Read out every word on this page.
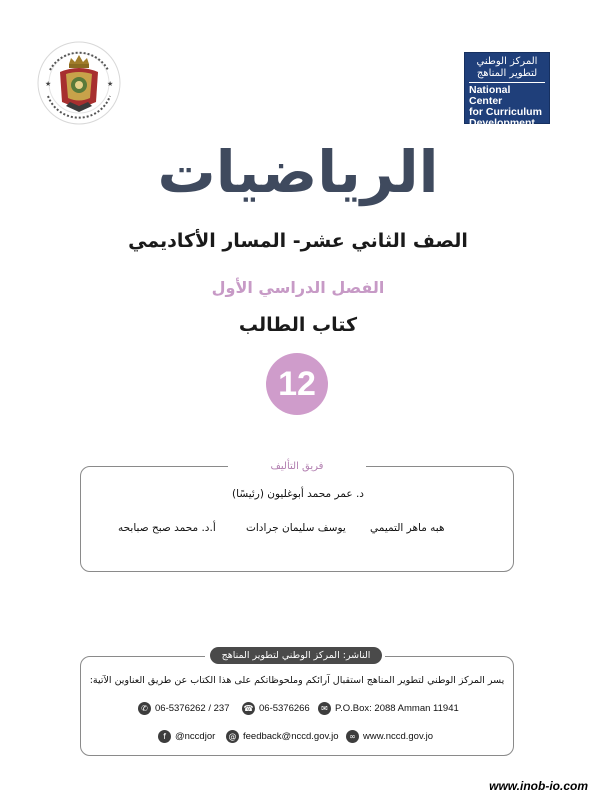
★	★
المركز الوطني لتطوير المناهج
National Center
for Curriculum
Development
الرياضيات
الصف الثاني عشر- المسار الأكاديمي
الفصل الدراسي الأول
كتاب الطالب
12
فريق التأليف
د. عمر محمد أبوغليون (رئيسًا)
هبه ماهر التميمي
يوسف سليمان جرادات
أ.د. محمد صبح صبابحه
الناشر: المركز الوطني لتطوير المناهج
يسر المركز الوطني لتطوير المناهج استقبال آرائكم وملحوظاتكم على هذا الكتاب عن طريق العناوين الآتية:
✆ 06-5376262 / 237 ☎ 06-5376266	✉ P.O.Box: 2088 Amman 11941
f @nccdjor	@ feedback@nccd.gov.jo	∞ www.nccd.gov.jo
www.inob-io.com
